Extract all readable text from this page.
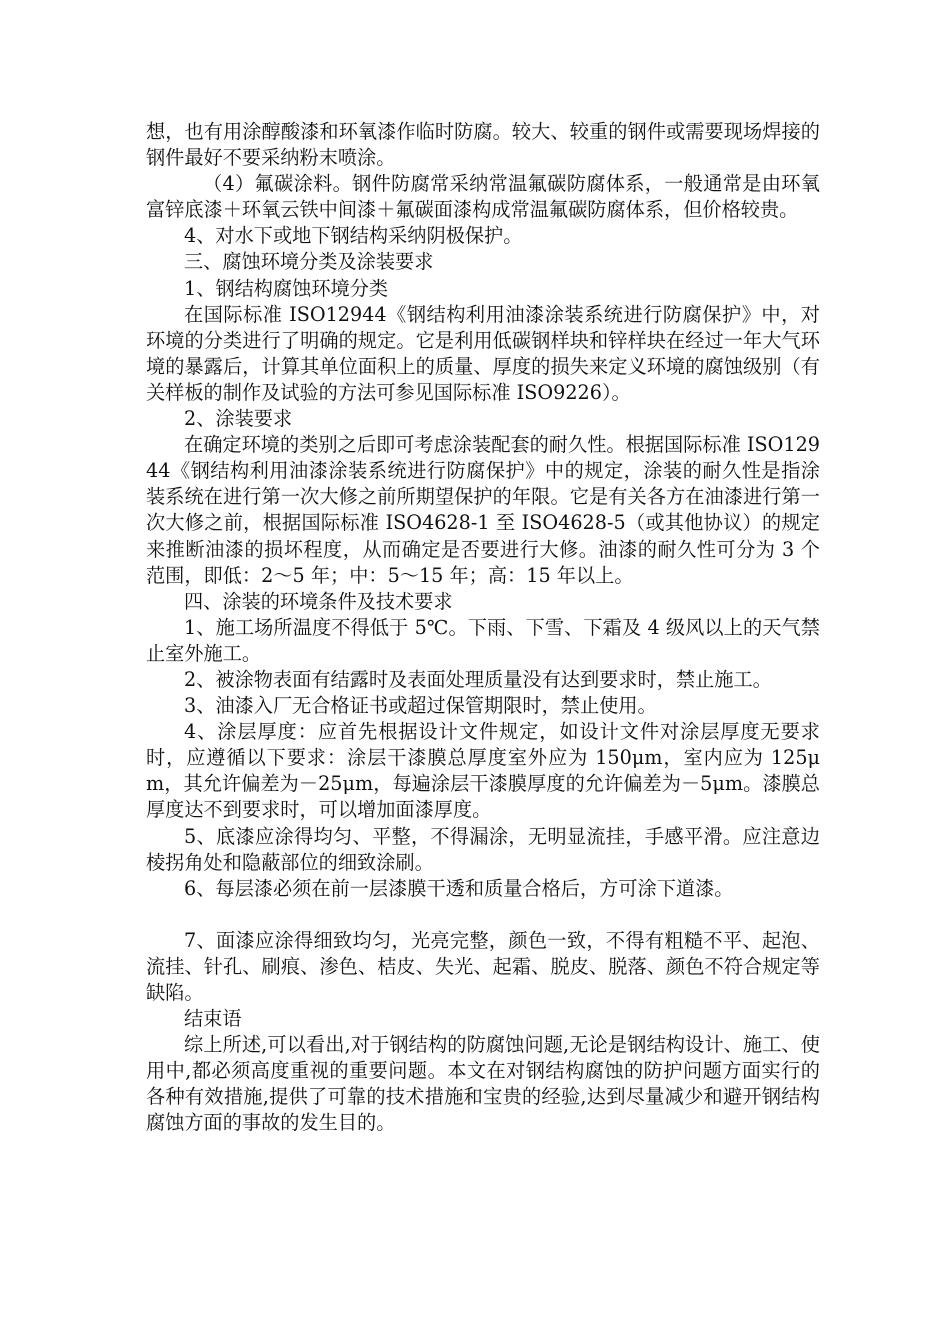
想，也有用涂醇酸漆和环氧漆作临时防腐。较大、较重的钢件或需要现场焊接的钢件最好不要采纳粉末喷涂。

（4）氟碳涂料。钢件防腐常采纳常温氟碳防腐体系，一般通常是由环氧富锌底漆＋环氧云铁中间漆＋氟碳面漆构成常温氟碳防腐体系，但价格较贵。

4、对水下或地下钢结构采纳阴极保护。

三、腐蚀环境分类及涂装要求

1、钢结构腐蚀环境分类

在国际标准 ISO12944《钢结构利用油漆涂装系统进行防腐保护》中，对环境的分类进行了明确的规定。它是利用低碳钢样块和锌样块在经过一年大气环境的暴露后，计算其单位面积上的质量、厚度的损失来定义环境的腐蚀级别（有关样板的制作及试验的方法可参见国际标准 ISO9226）。

2、涂装要求

在确定环境的类别之后即可考虑涂装配套的耐久性。根据国际标准 ISO12944《钢结构利用油漆涂装系统进行防腐保护》中的规定，涂装的耐久性是指涂装系统在进行第一次大修之前所期望保护的年限。它是有关各方在油漆进行第一次大修之前，根据国际标准 ISO4628-1 至 ISO4628-5（或其他协议）的规定来推断油漆的损坏程度，从而确定是否要进行大修。油漆的耐久性可分为 3 个范围，即低：2～5 年；中：5～15 年；高：15 年以上。

四、涂装的环境条件及技术要求

1、施工场所温度不得低于 5℃。下雨、下雪、下霜及 4 级风以上的天气禁止室外施工。

2、被涂物表面有结露时及表面处理质量没有达到要求时，禁止施工。

3、油漆入厂无合格证书或超过保管期限时，禁止使用。

4、涂层厚度：应首先根据设计文件规定，如设计文件对涂层厚度无要求时，应遵循以下要求：涂层干漆膜总厚度室外应为 150μm，室内应为 125μm，其允许偏差为－25μm，每遍涂层干漆膜厚度的允许偏差为－5μm。漆膜总厚度达不到要求时，可以增加面漆厚度。

5、底漆应涂得均匀、平整，不得漏涂，无明显流挂，手感平滑。应注意边棱拐角处和隐蔽部位的细致涂刷。

6、每层漆必须在前一层漆膜干透和质量合格后，方可涂下道漆。

7、面漆应涂得细致均匀，光亮完整，颜色一致，不得有粗糙不平、起泡、流挂、针孔、刷痕、渗色、桔皮、失光、起霜、脱皮、脱落、颜色不符合规定等缺陷。

结束语

综上所述,可以看出,对于钢结构的防腐蚀问题,无论是钢结构设计、施工、使用中,都必须高度重视的重要问题。本文在对钢结构腐蚀的防护问题方面实行的各种有效措施,提供了可靠的技术措施和宝贵的经验,达到尽量减少和避开钢结构腐蚀方面的事故的发生目的。
